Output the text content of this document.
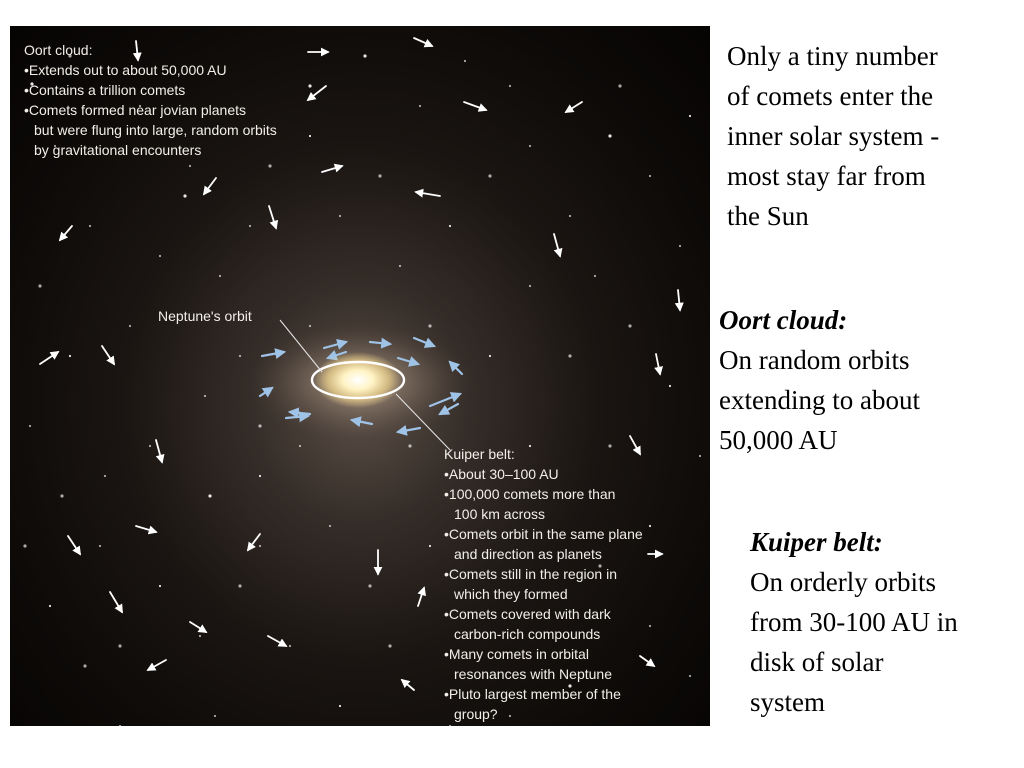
Oort cloud:
•Extends out to about 50,000 AU
•Contains a trillion comets
•Comets formed near jovian planets
but were flung into large, random orbits
by gravitational encounters
Neptune's orbit
Kuiper belt:
•About 30–100 AU
•100,000 comets more than
100 km across
•Comets orbit in the same plane
and direction as planets
•Comets still in the region in
which they formed
•Comets covered with dark
carbon-rich compounds
•Many comets in orbital
resonances with Neptune
•Pluto largest member of the
group?
Only a tiny number
of comets enter the
inner solar system -
most stay far from
the Sun
Oort cloud:
On random orbits
extending to about
50,000 AU
Kuiper belt:
On orderly orbits
from 30-100 AU in
disk of solar
system
